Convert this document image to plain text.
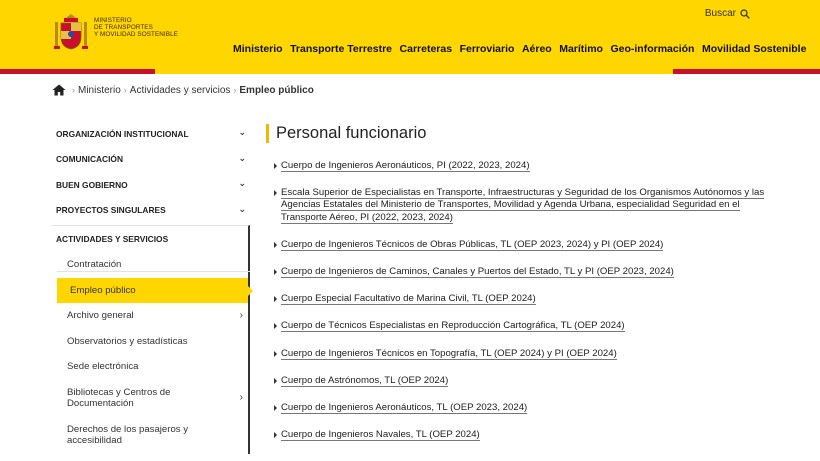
MINISTERIO
DE TRANSPORTES
Y MOVILIDAD SOSTENIBLE
Buscar
Ministerio Transporte Terrestre Carreteras Ferroviario Aéreo Marítimo Geo-información Movilidad Sostenible
› Ministerio › Actividades y servicios › Empleo público
ORGANIZACIÓN INSTITUCIONAL	⌄
COMUNICACIÓN	⌄
BUEN GOBIERNO	⌄
PROYECTOS SINGULARES	⌄
ACTIVIDADES Y SERVICIOS
Contratación
Empleo público
Archivo general	›
Observatorios y estadísticas
Sede electrónica
Bibliotecas y Centros de Documentación
›
Derechos de los pasajeros y accesibilidad
Personal funcionario
Cuerpo de Ingenieros Aeronáuticos, PI (2022, 2023, 2024)
Escala Superior de Especialistas en Transporte, Infraestructuras y Seguridad de los Organismos Autónomos y las Agencias Estatales del Ministerio de Transportes, Movilidad y Agenda Urbana, especialidad Seguridad en el Transporte Aéreo, PI (2022, 2023, 2024)
Cuerpo de Ingenieros Técnicos de Obras Públicas, TL (OEP 2023, 2024) y PI (OEP 2024)
Cuerpo de Ingenieros de Caminos, Canales y Puertos del Estado, TL y PI (OEP 2023, 2024)
Cuerpo Especial Facultativo de Marina Civil, TL (OEP 2024)
Cuerpo de Técnicos Especialistas en Reproducción Cartográfica, TL (OEP 2024)
Cuerpo de Ingenieros Técnicos en Topografía, TL (OEP 2024) y PI (OEP 2024)
Cuerpo de Astrónomos, TL (OEP 2024)
Cuerpo de Ingenieros Aeronáuticos, TL (OEP 2023, 2024)
Cuerpo de Ingenieros Navales, TL (OEP 2024)
